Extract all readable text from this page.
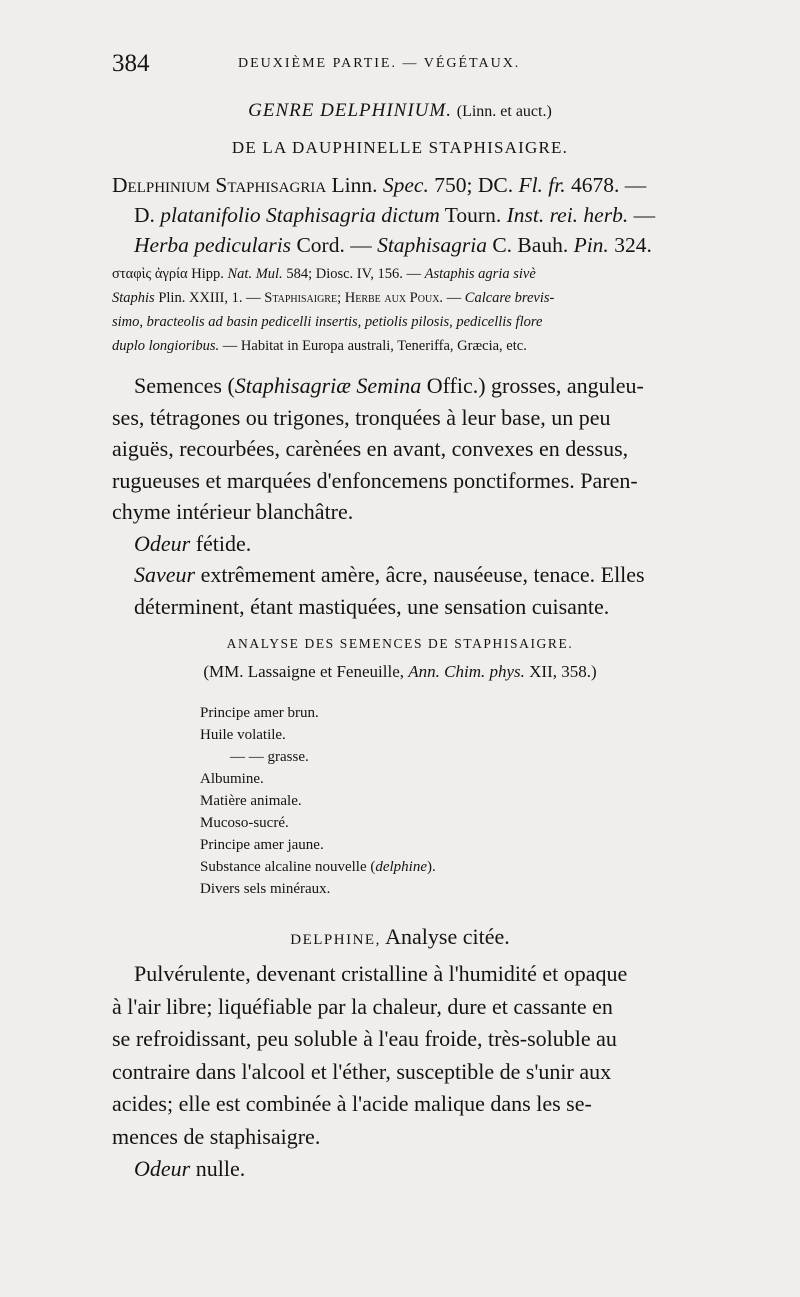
384	DEUXIÈME PARTIE. — VÉGÉTAUX.
GENRE DELPHINIUM. (Linn. et auct.)
DE LA DAUPHINELLE STAPHISAIGRE.
Delphinium Staphisagria Linn. Spec. 750; DC. Fl. fr. 4678. —
D. platanifolio Staphisagria dictum Tourn. Inst. rei. herb. —
Herba pedicularis Cord. — Staphisagria C. Bauh. Pin. 324.
σταφὶς ἀγρία Hipp. Nat. Mul. 584; Diosc. IV, 156. — Astaphis agria sivè
Staphis Plin. XXIII, 1. — Staphisaigre; Herbe aux Poux. — Calcare brevis-
simo, bracteolis ad basin pedicelli insertis, petiolis pilosis, pedicellis flore
duplo longioribus. — Habitat in Europa australi, Teneriffa, Græcia, etc.
Semences (Staphisagriæ Semina Offic.) grosses, anguleu-
ses, tétragones ou trigones, tronquées à leur base, un peu
aiguës, recourbées, carènées en avant, convexes en dessus,
rugueuses et marquées d'enfoncemens ponctiformes. Paren-
chyme intérieur blanchâtre.
Odeur fétide.
Saveur extrêmement amère, âcre, nauséeuse, tenace. Elles
déterminent, étant mastiquées, une sensation cuisante.
ANALYSE DES SEMENCES DE STAPHISAIGRE.
(MM. Lassaigne et Feneuille, Ann. Chim. phys. XII, 358.)
Principe amer brun.
Huile volatile.
— — grasse.
Albumine.
Matière animale.
Mucoso-sucré.
Principe amer jaune.
Substance alcaline nouvelle (delphine).
Divers sels minéraux.
DELPHINE, Analyse citée.
Pulvérulente, devenant cristalline à l'humidité et opaque
à l'air libre; liquéfiable par la chaleur, dure et cassante en
se refroidissant, peu soluble à l'eau froide, très-soluble au
contraire dans l'alcool et l'éther, susceptible de s'unir aux
acides; elle est combinée à l'acide malique dans les se-
mences de staphisaigre.
Odeur nulle.
